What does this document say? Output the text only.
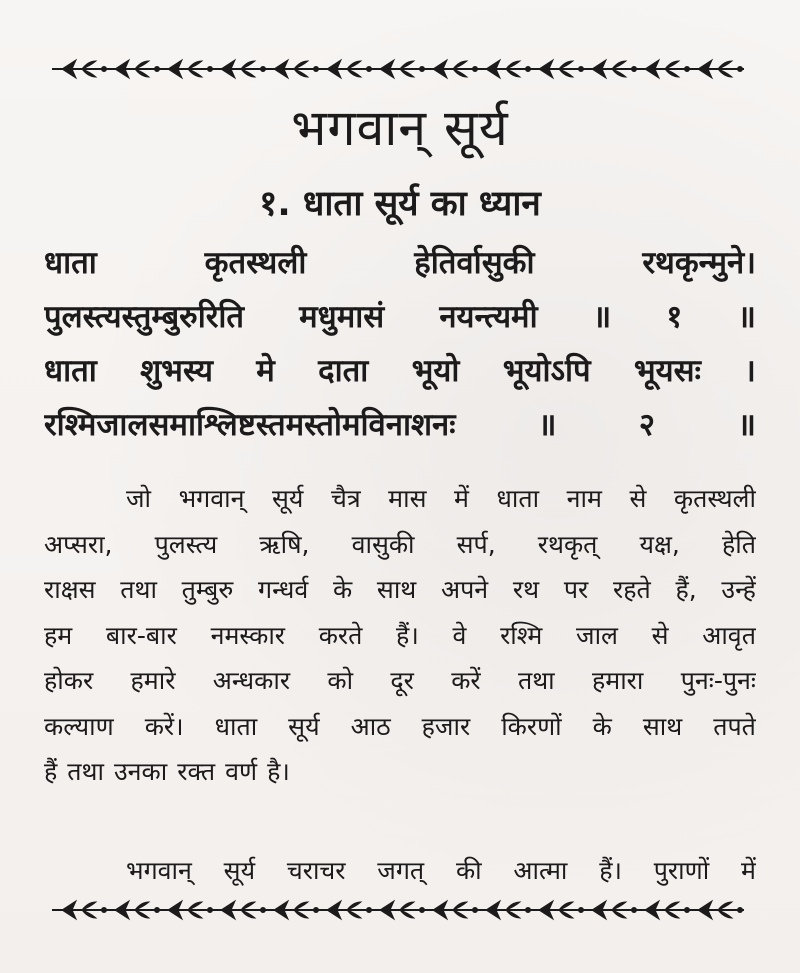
भगवान् सूर्य
१. धाता सूर्य का ध्यान
धाता	कृतस्थली	हेतिर्वासुकी	रथकृन्मुने।
पुलस्त्यस्तुम्बुरुरिति मधुमासं नयन्त्यमी ॥ १ ॥
धाता शुभस्य मे दाता भूयो भूयोऽपि भूयसः ।
रश्मिजालसमाश्लिष्टस्तमस्तोमविनाशनः	॥	२	॥
जो भगवान् सूर्य चैत्र मास में धाता नाम से कृतस्थली
अप्सरा, पुलस्त्य ऋषि, वासुकी सर्प, रथकृत् यक्ष, हेति
राक्षस तथा तुम्बुरु गन्धर्व के साथ अपने रथ पर रहते हैं, उन्हें
हम बार-बार नमस्कार करते हैं। वे रश्मि जाल से आवृत
होकर हमारे अन्धकार को दूर करें तथा हमारा पुनः-पुनः
कल्याण करें। धाता सूर्य आठ हजार किरणों के साथ तपते
हैं तथा उनका रक्त वर्ण है।
भगवान् सूर्य चराचर जगत् की आत्मा हैं। पुराणों में
